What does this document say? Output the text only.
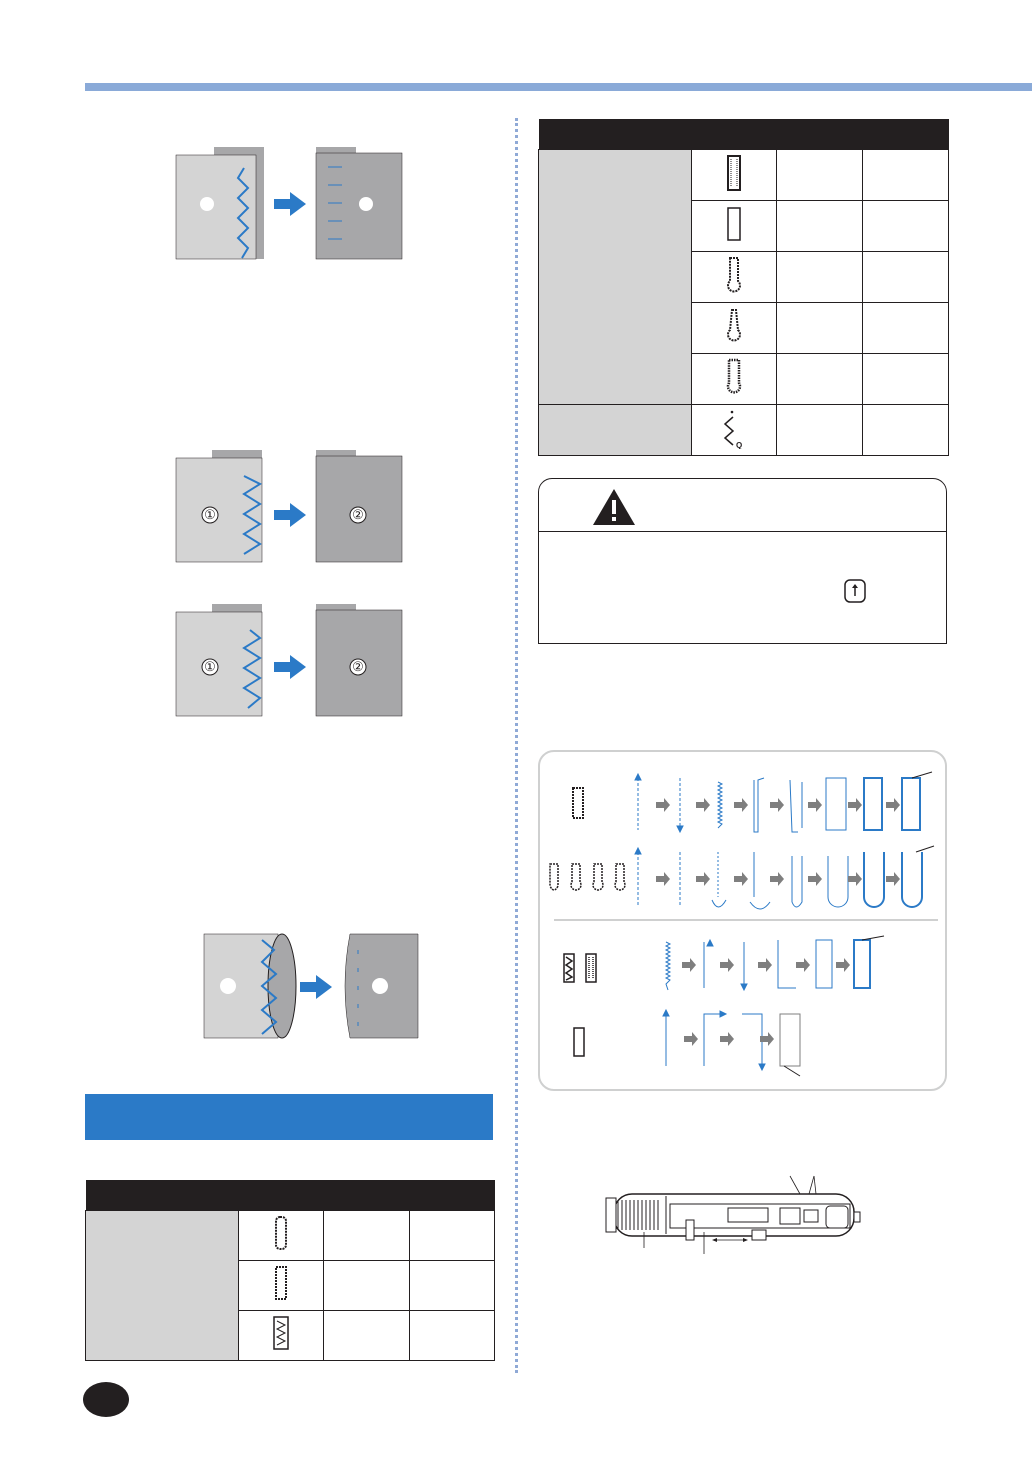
①	②
①	②

Q		
